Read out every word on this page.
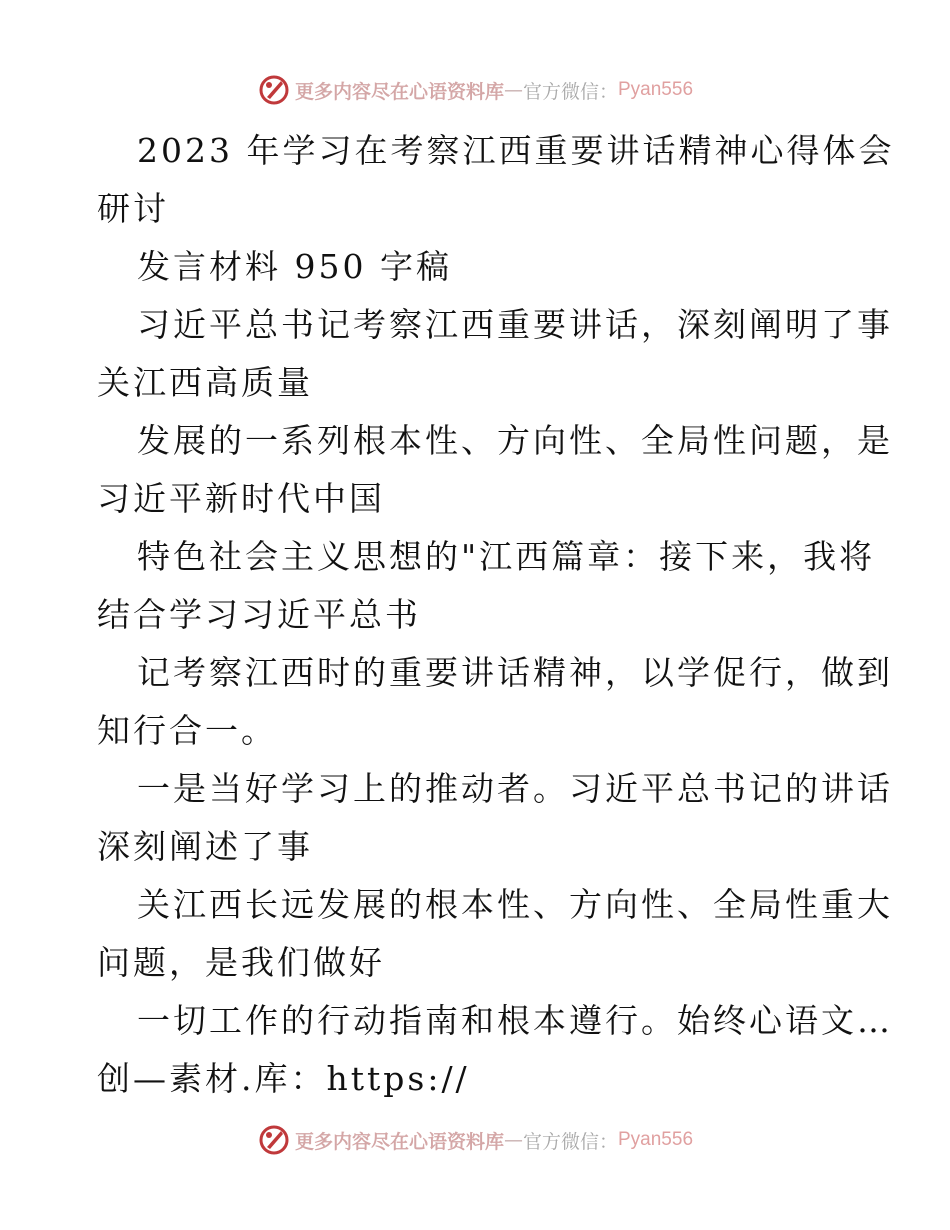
更多内容尽在心语资料库 — 官方微信： Pyan556
2023 年学习在考察江西重要讲话精神心得体会
研讨
发言材料 950 字稿
习近平总书记考察江西重要讲话，深刻阐明了事
关江西高质量
发展的一系列根本性、方向性、全局性问题，是
习近平新时代中国
特色社会主义思想的"江西篇章：接下来，我将
结合学习习近平总书
记考察江西时的重要讲话精神，以学促行，做到
知行合一。
一是当好学习上的推动者。习近平总书记的讲话
深刻阐述了事
关江西长远发展的根本性、方向性、全局性重大
问题，是我们做好
一切工作的行动指南和根本遵行。始终心语文…
创—素材.库：https://
更多内容尽在心语资料库 — 官方微信： Pyan556
